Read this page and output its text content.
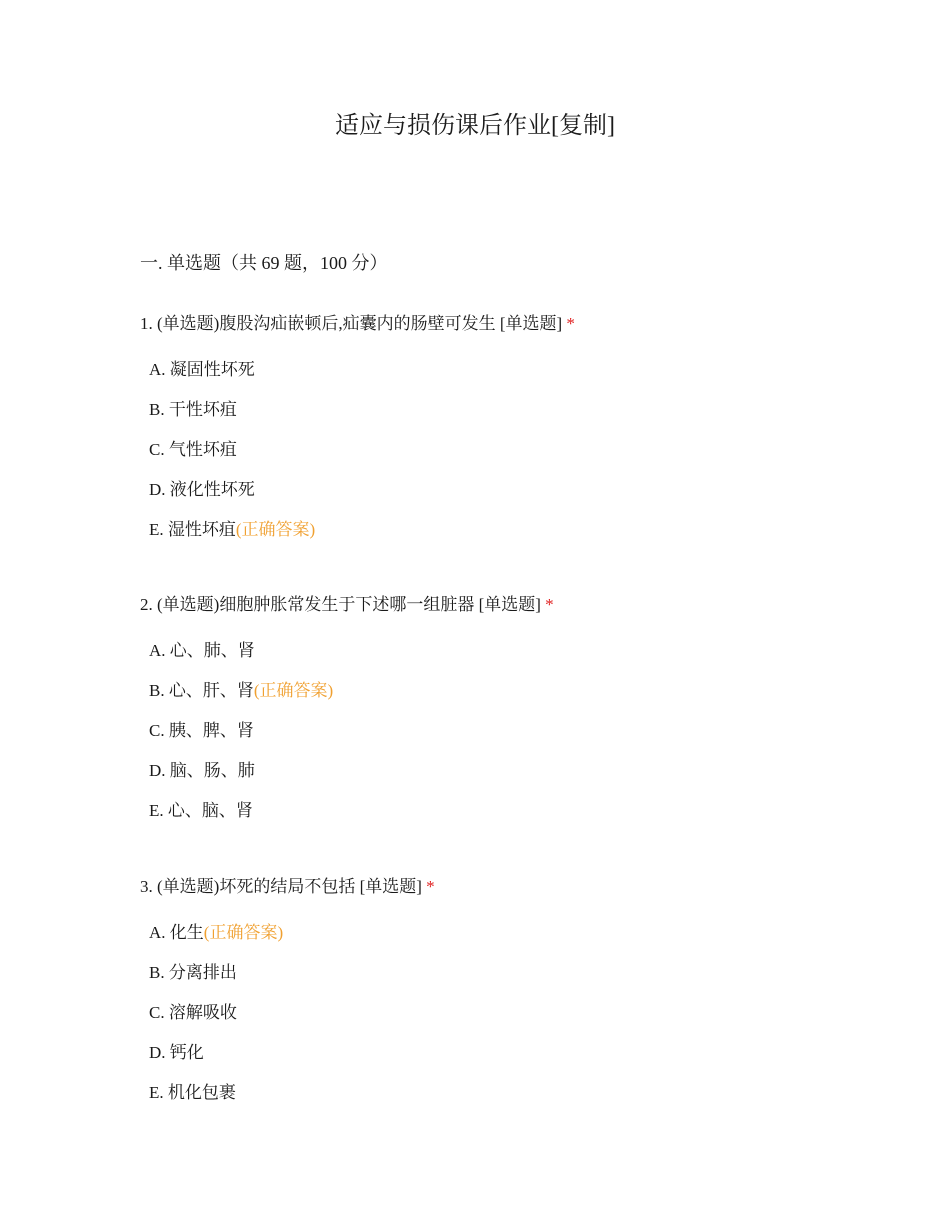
适应与损伤课后作业[复制]
一. 单选题（共 69 题，100 分）

1. (单选题)腹股沟疝嵌顿后,疝囊内的肠壁可发生 [单选题] *

A. 凝固性坏死
B. 干性坏疽
C. 气性坏疽
D. 液化性坏死
E. 湿性坏疽(正确答案)

2. (单选题)细胞肿胀常发生于下述哪一组脏器 [单选题] *

A. 心、肺、肾
B. 心、肝、肾(正确答案)
C. 胰、脾、肾
D. 脑、肠、肺
E. 心、脑、肾

3. (单选题)坏死的结局不包括 [单选题] *

A. 化生(正确答案)
B. 分离排出
C. 溶解吸收
D. 钙化
E. 机化包裹
